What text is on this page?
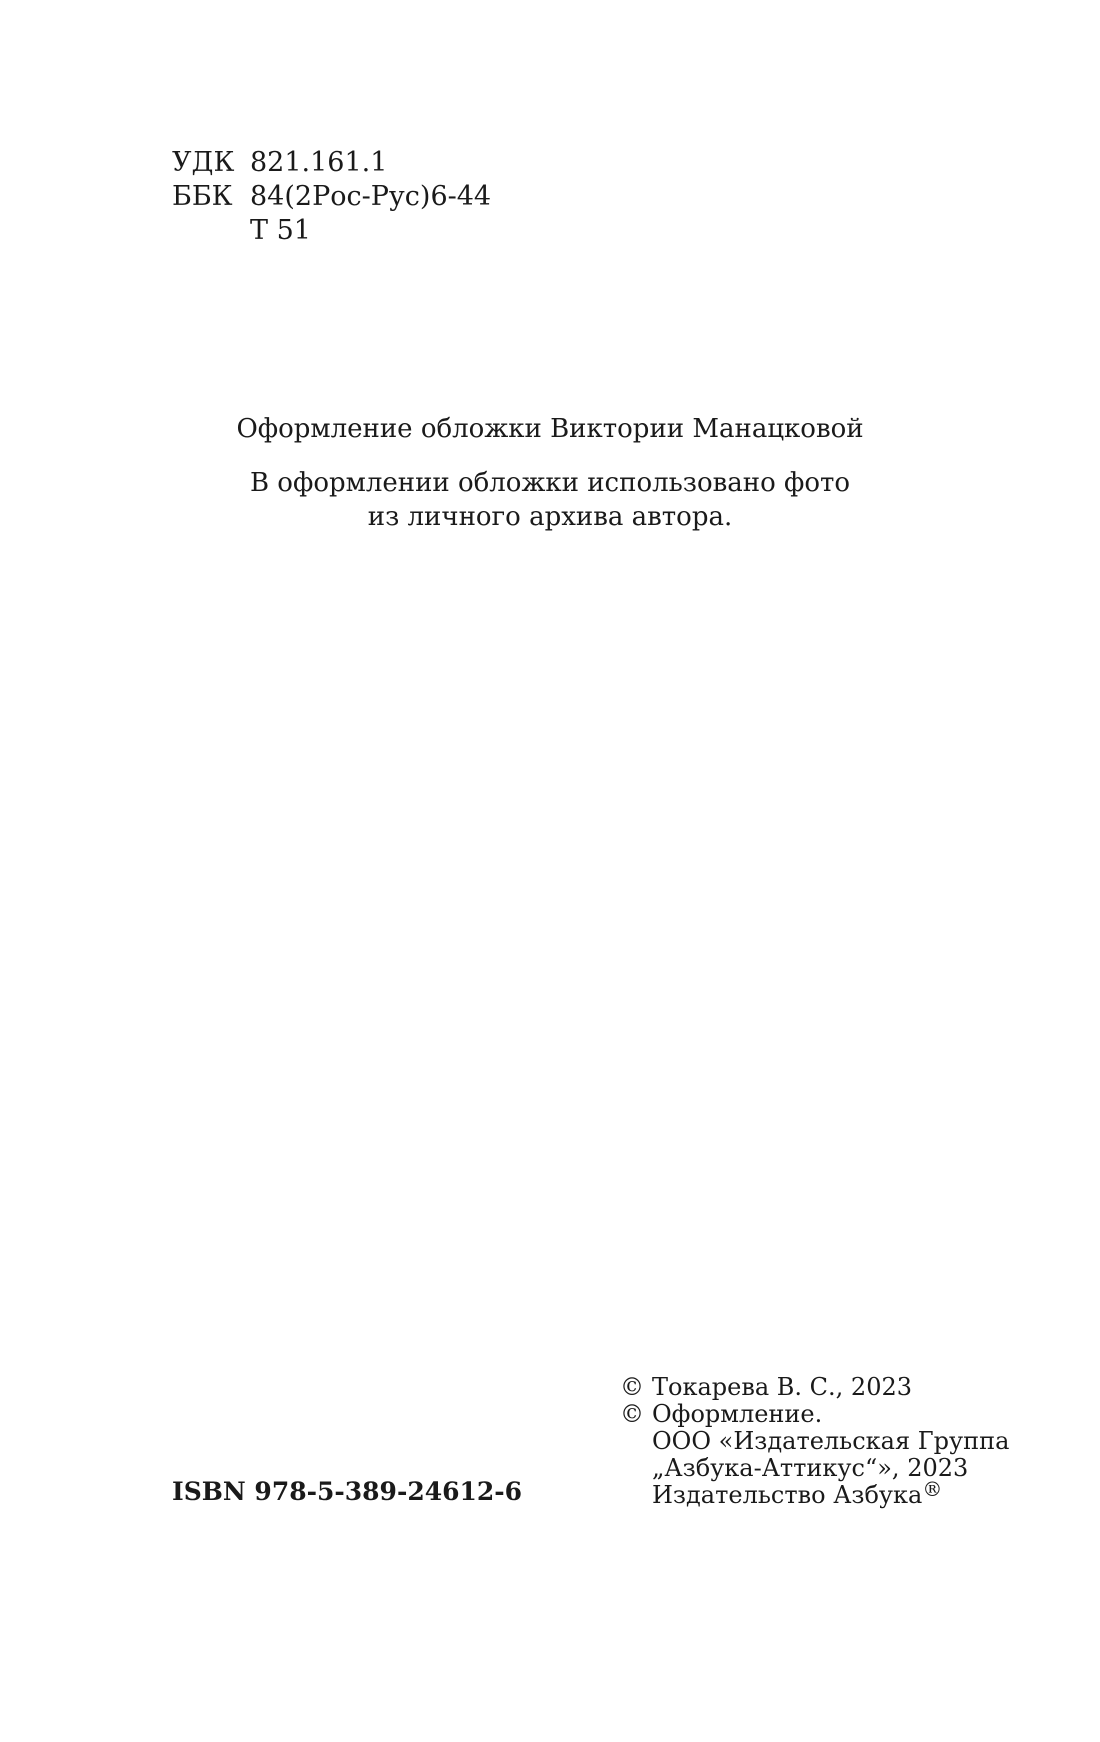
УДК 821.161.1
ББК 84(2Рос-Рус)6-44
Т 51

Оформление обложки Виктории Манацковой

В оформлении обложки использовано фото

из личного архива автора.

ISBN 978-5-389-24612-6
© Токарева В. С., 2023
© Оформление.
ООО «Издательская Группа
„Азбука-Аттикус“», 2023
Издательство Азбука®
